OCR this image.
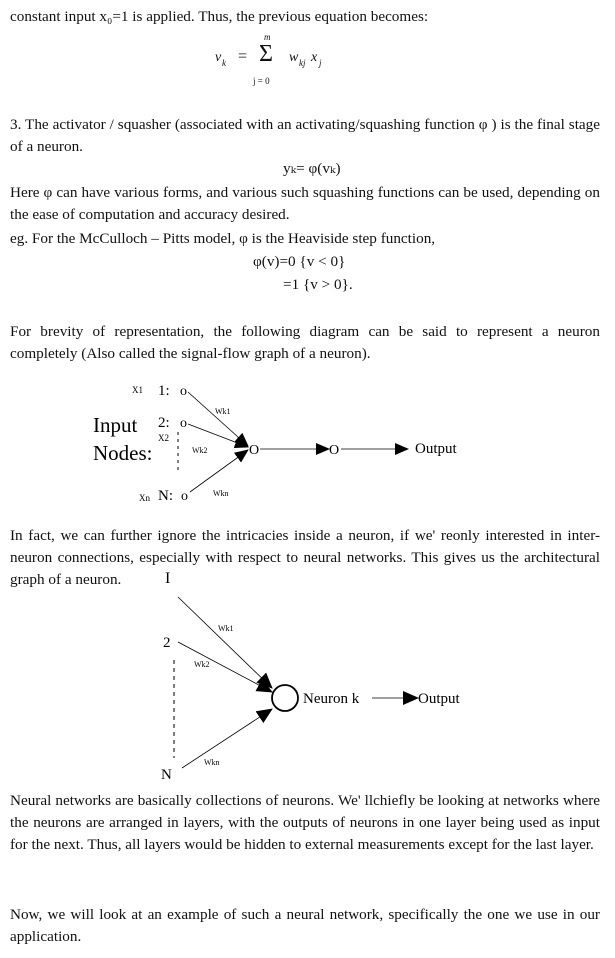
constant input x₀=1 is applied. Thus, the previous equation becomes:

v k =
m
Σ
j = 0
w kj x j

3. The activator / squasher (associated with an activating/squashing function φ ) is the final stage of a neuron.

yₖ= φ(vₖ)

Here φ can have various forms, and various such squashing functions can be used, depending on the ease of computation and accuracy desired.

eg. For the McCulloch – Pitts model, φ is the Heaviside step function,

φ(v)=0 {v < 0}
=1 {v > 0}.

For brevity of representation, the following diagram can be said to represent a neuron completely (Also called the signal-flow graph of a neuron).

X1 1: o
2: o
Input
X2
Nodes:
Xn N: o
Wk1
Wk2
Wkn
O	O	Output

In fact, we can further ignore the intricacies inside a neuron, if we' reonly interested in inter-neuron connections, especially with respect to neural networks. This gives us the architectural graph of a neuron.	I
2
N
Wk1
Wk2
Wkn
Neuron k	Output

Neural networks are basically collections of neurons. We' llchiefly be looking at networks where the neurons are arranged in layers, with the outputs of neurons in one layer being used as input for the next. Thus, all layers would be hidden to external measurements except for the last layer.

Now, we will look at an example of such a neural network, specifically the one we use in our application.
